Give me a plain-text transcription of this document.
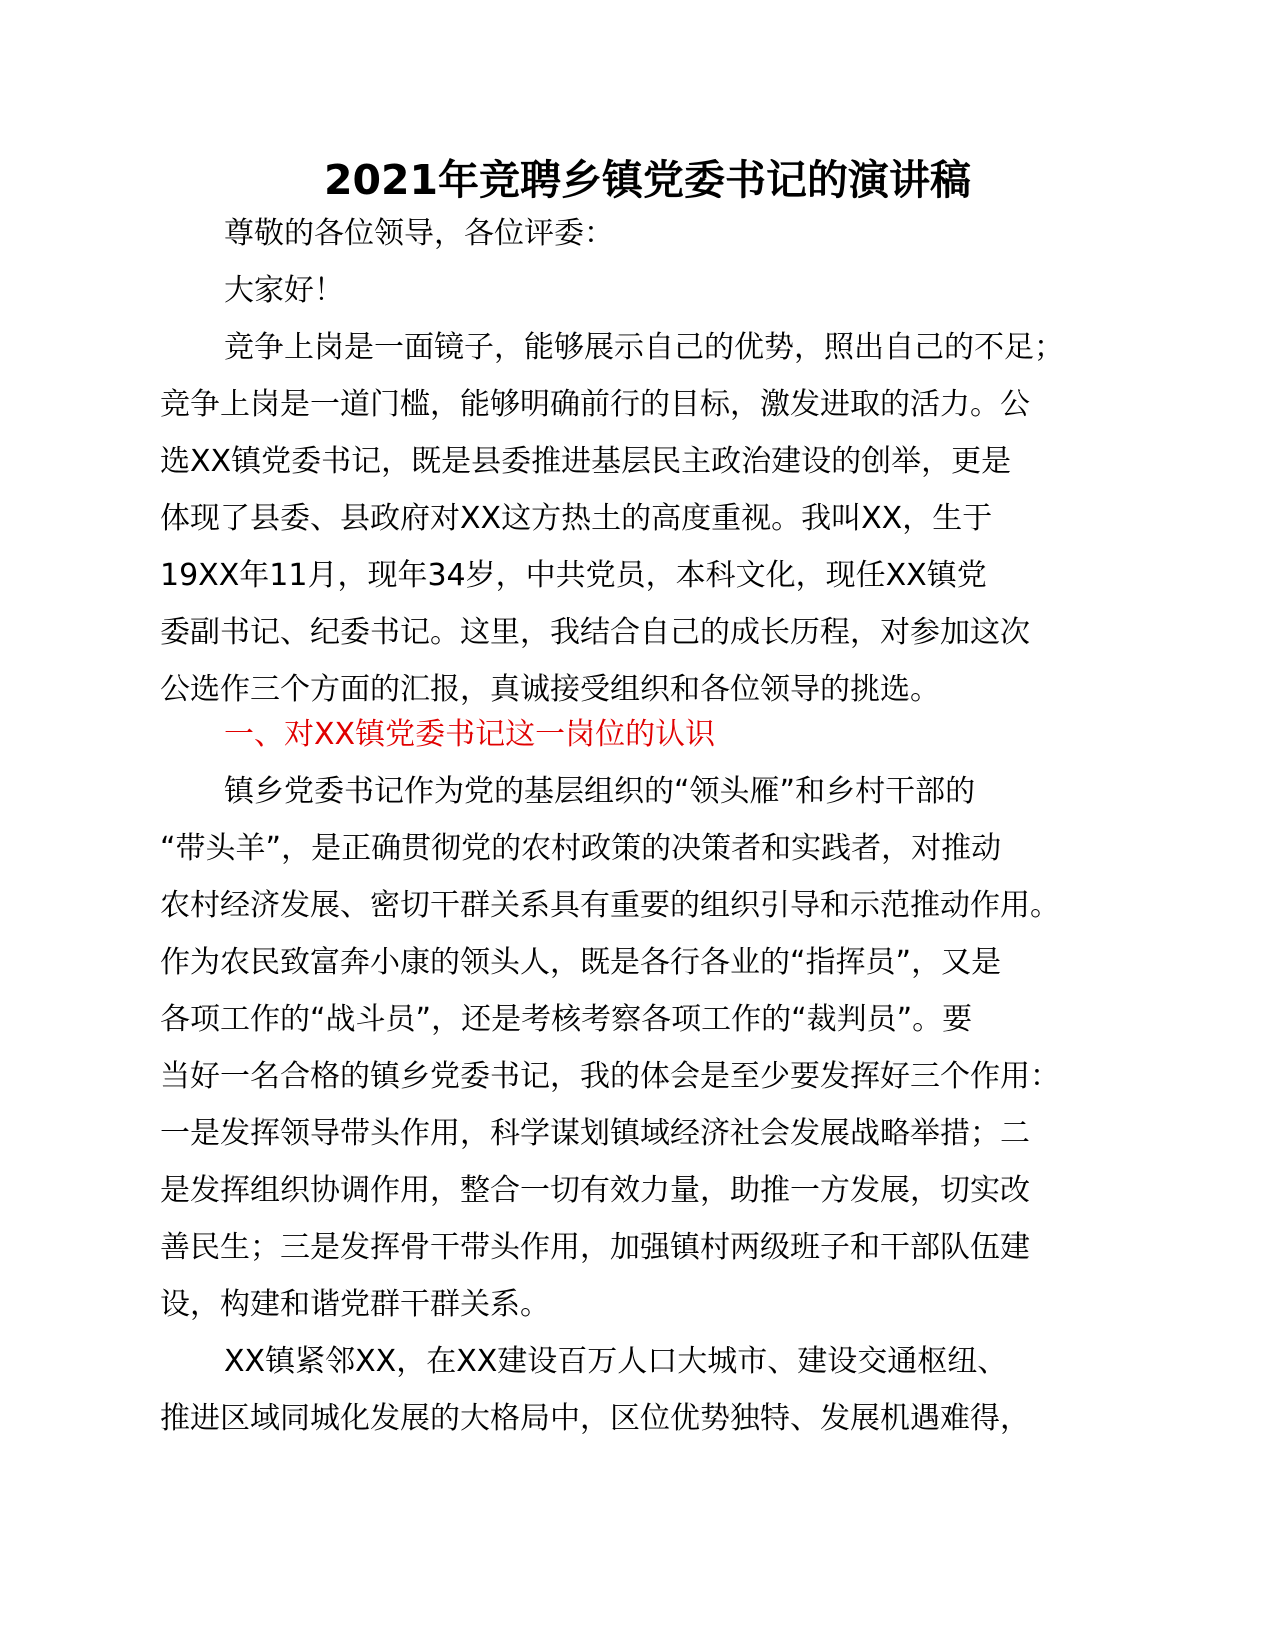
2021年竞聘乡镇党委书记的演讲稿
尊敬的各位领导，各位评委：
大家好！
竞争上岗是一面镜子，能够展示自己的优势，照出自己的不足；
竞争上岗是一道门槛，能够明确前行的目标，激发进取的活力。公
选XX镇党委书记，既是县委推进基层民主政治建设的创举，更是
体现了县委、县政府对XX这方热土的高度重视。我叫XX，生于
19XX年11月，现年34岁，中共党员，本科文化，现任XX镇党
委副书记、纪委书记。这里，我结合自己的成长历程，对参加这次
公选作三个方面的汇报，真诚接受组织和各位领导的挑选。
一、对XX镇党委书记这一岗位的认识
镇乡党委书记作为党的基层组织的“领头雁”和乡村干部的
“带头羊”，是正确贯彻党的农村政策的决策者和实践者，对推动
农村经济发展、密切干群关系具有重要的组织引导和示范推动作用。
作为农民致富奔小康的领头人，既是各行各业的“指挥员”，又是
各项工作的“战斗员”，还是考核考察各项工作的“裁判员”。要
当好一名合格的镇乡党委书记，我的体会是至少要发挥好三个作用：
一是发挥领导带头作用，科学谋划镇域经济社会发展战略举措；二
是发挥组织协调作用，整合一切有效力量，助推一方发展，切实改
善民生；三是发挥骨干带头作用，加强镇村两级班子和干部队伍建
设，构建和谐党群干群关系。
XX镇紧邻XX，在XX建设百万人口大城市、建设交通枢纽、
推进区域同城化发展的大格局中，区位优势独特、发展机遇难得，
